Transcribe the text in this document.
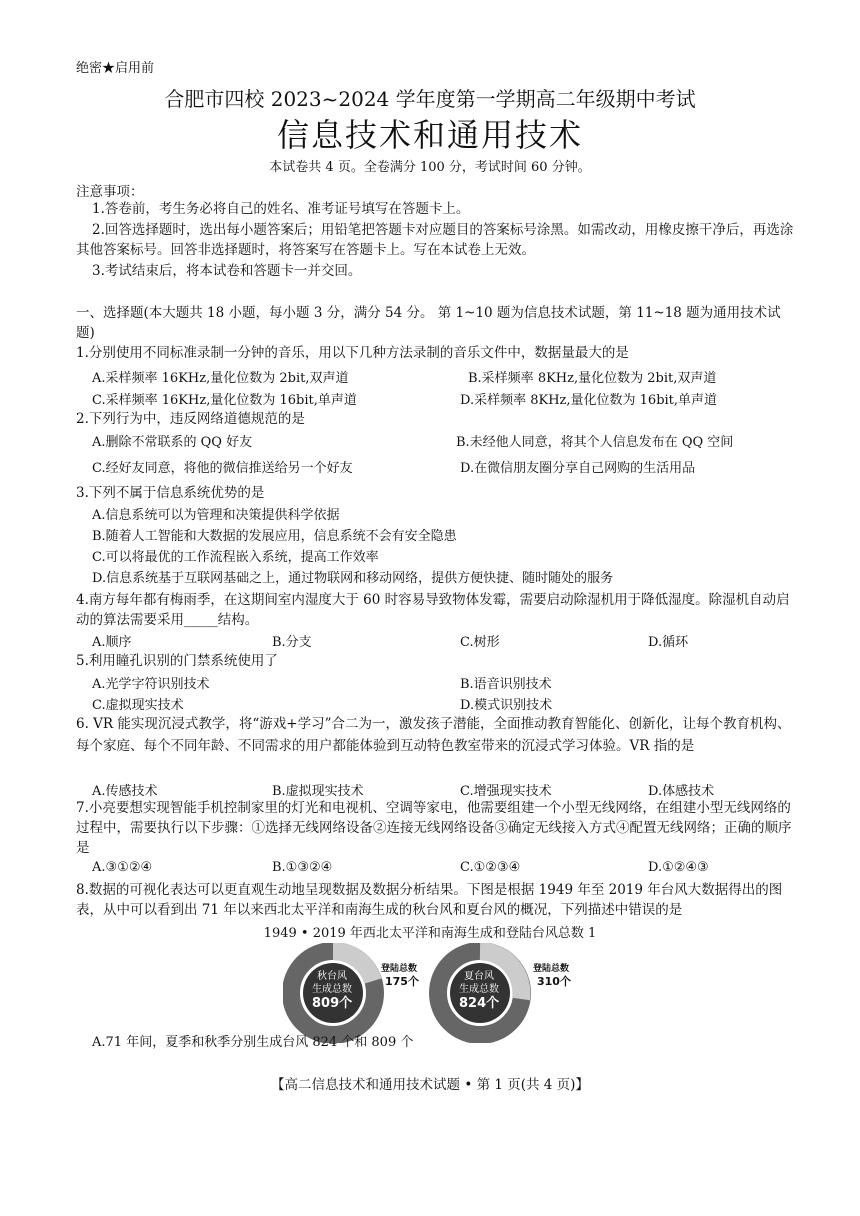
绝密★启用前
合肥市四校 2023~2024 学年度第一学期高二年级期中考试
信息技术和通用技术
本试卷共 4 页。全卷满分 100 分，考试时间 60 分钟。
注意事项：
1.答卷前，考生务必将自己的姓名、准考证号填写在答题卡上。
2.回答选择题时，选出每小题答案后；用铅笔把答题卡对应题目的答案标号涂黑。如需改动，用橡皮擦干净后，再选涂其他答案标号。回答非选择题时，将答案写在答题卡上。写在本试卷上无效。
3.考试结束后，将本试卷和答题卡一并交回。
一、选择题(本大题共 18 小题，每小题 3 分，满分 54 分。 第 1~10 题为信息技术试题，第 11~18 题为通用技术试题)
1.分别使用不同标准录制一分钟的音乐，用以下几种方法录制的音乐文件中，数据量最大的是
A.采样频率 16KHz,量化位数为 2bit,双声道	B.采样频率 8KHz,量化位数为 2bit,双声道
C.采样频率 16KHz,量化位数为 16bit,单声道	D.采样频率 8KHz,量化位数为 16bit,单声道
2.下列行为中，违反网络道德规范的是
A.删除不常联系的 QQ 好友	B.未经他人同意，将其个人信息发布在 QQ 空间
C.经好友同意，将他的微信推送给另一个好友	D.在微信朋友圈分享自己网购的生活用品
3.下列不属于信息系统优势的是
A.信息系统可以为管理和决策提供科学依据
B.随着人工智能和大数据的发展应用，信息系统不会有安全隐患
C.可以将最优的工作流程嵌入系统，提高工作效率
D.信息系统基于互联网基础之上，通过物联网和移动网络，提供方便快捷、随时随处的服务
4.南方每年都有梅雨季，在这期间室内湿度大于 60 时容易导致物体发霉，需要启动除湿机用于降低湿度。除湿机自动启动的算法需要采用_____结构。
A.顺序	B.分支	C.树形	D.循环
5.利用瞳孔识别的门禁系统使用了
A.光学字符识别技术	B.语音识别技术
C.虚拟现实技术	D.模式识别技术
6. VR 能实现沉浸式教学，将“游戏+学习”合二为一，激发孩子潜能，全面推动教育智能化、创新化，让每个教育机构、每个家庭、每个不同年龄、不同需求的用户都能体验到互动特色教室带来的沉浸式学习体验。VR 指的是
A.传感技术	B.虚拟现实技术	C.增强现实技术	D.体感技术
7.小亮要想实现智能手机控制家里的灯光和电视机、空调等家电，他需要组建一个小型无线网络，在组建小型无线网络的过程中，需要执行以下步骤：①选择无线网络设备②连接无线网络设备③确定无线接入方式④配置无线网络；正确的顺序是
A.③①②④	B.①③②④	C.①②③④	D.①②④③
8.数据的可视化表达可以更直观生动地呈现数据及数据分析结果。下图是根据 1949 年至 2019 年台风大数据得出的图表，从中可以看到出 71 年以来西北太平洋和南海生成的秋台风和夏台风的概况，下列描述中错误的是
1949 • 2019 年西北太平洋和南海生成和登陆台风总数 1
秋台风
生成总数
809个
登陆总数
175个	夏台风
生成总数
824个
登陆总数
310个
A.71 年间，夏季和秋季分别生成台风 824 个和 809 个
【高二信息技术和通用技术试题 • 第 1 页(共 4 页)】
